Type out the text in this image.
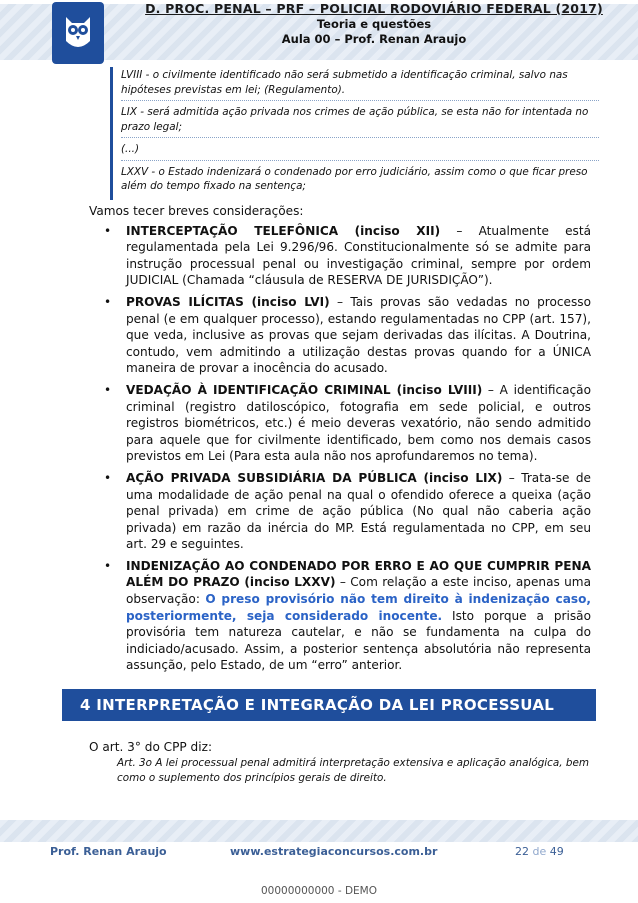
D. PROC. PENAL – PRF – POLICIAL RODOVIÁRIO FEDERAL (2017)
Teoria e questões
Aula 00 – Prof. Renan Araujo
LVIII - o civilmente identificado não será submetido a identificação criminal, salvo nas hipóteses previstas em lei; (Regulamento).
LIX - será admitida ação privada nos crimes de ação pública, se esta não for intentada no prazo legal;
(...)
LXXV - o Estado indenizará o condenado por erro judiciário, assim como o que ficar preso além do tempo fixado na sentença;

Vamos tecer breves considerações:

• INTERCEPTAÇÃO TELEFÔNICA (inciso XII) – Atualmente está regulamentada pela Lei 9.296/96. Constitucionalmente só se admite para instrução processual penal ou investigação criminal, sempre por ordem JUDICIAL (Chamada “cláusula de RESERVA DE JURISDIÇÃO”).
• PROVAS ILÍCITAS (inciso LVI) – Tais provas são vedadas no processo penal (e em qualquer processo), estando regulamentadas no CPP (art. 157), que veda, inclusive as provas que sejam derivadas das ilícitas. A Doutrina, contudo, vem admitindo a utilização destas provas quando for a ÚNICA maneira de provar a inocência do acusado.
• VEDAÇÃO À IDENTIFICAÇÃO CRIMINAL (inciso LVIII) – A identificação criminal (registro datiloscópico, fotografia em sede policial, e outros registros biométricos, etc.) é meio deveras vexatório, não sendo admitido para aquele que for civilmente identificado, bem como nos demais casos previstos em Lei (Para esta aula não nos aprofundaremos no tema).
• AÇÃO PRIVADA SUBSIDIÁRIA DA PÚBLICA (inciso LIX) – Trata-se de uma modalidade de ação penal na qual o ofendido oferece a queixa (ação penal privada) em crime de ação pública (No qual não caberia ação privada) em razão da inércia do MP. Está regulamentada no CPP, em seu art. 29 e seguintes.
• INDENIZAÇÃO AO CONDENADO POR ERRO E AO QUE CUMPRIR PENA ALÉM DO PRAZO (inciso LXXV) – Com relação a este inciso, apenas uma observação: O preso provisório não tem direito à indenização caso, posteriormente, seja considerado inocente. Isto porque a prisão provisória tem natureza cautelar, e não se fundamenta na culpa do indiciado/acusado. Assim, a posterior sentença absolutória não representa assunção, pelo Estado, de um “erro” anterior.
4 INTERPRETAÇÃO E INTEGRAÇÃO DA LEI PROCESSUAL
O art. 3° do CPP diz:
Art. 3o A lei processual penal admitirá interpretação extensiva e aplicação analógica, bem como o suplemento dos princípios gerais de direito.
Prof. Renan Araujo	www.estrategiaconcursos.com.br	22 de 49
00000000000 - DEMO
